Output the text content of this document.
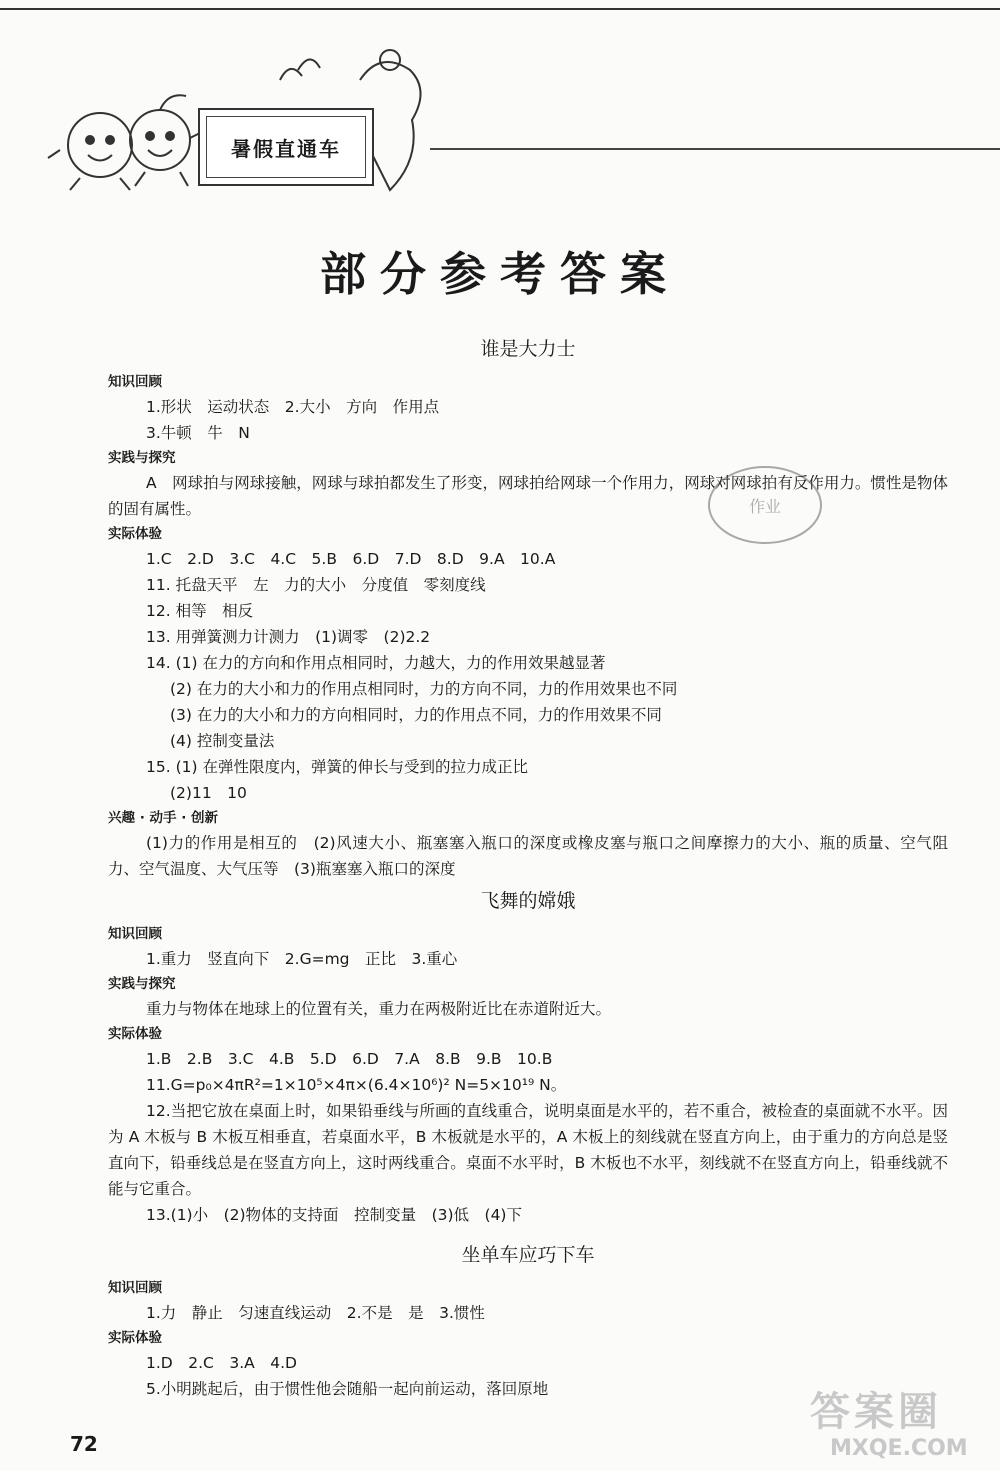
暑假直通车
部分参考答案
作业
谁是大力士
知识回顾
1.形状　运动状态　2.大小　方向　作用点
3.牛顿　牛　N
实践与探究
A　网球拍与网球接触，网球与球拍都发生了形变，网球拍给网球一个作用力，网球对网球拍有反作用力。惯性是物体的固有属性。
实际体验
1.C　2.D　3.C　4.C　5.B　6.D　7.D　8.D　9.A　10.A
11. 托盘天平　左　力的大小　分度值　零刻度线
12. 相等　相反
13. 用弹簧测力计测力　(1)调零　(2)2.2
14. (1) 在力的方向和作用点相同时，力越大，力的作用效果越显著
(2) 在力的大小和力的作用点相同时，力的方向不同，力的作用效果也不同
(3) 在力的大小和力的方向相同时，力的作用点不同，力的作用效果不同
(4) 控制变量法
15. (1) 在弹性限度内，弹簧的伸长与受到的拉力成正比
(2)11　10
兴趣 · 动手 · 创新
(1)力的作用是相互的　(2)风速大小、瓶塞塞入瓶口的深度或橡皮塞与瓶口之间摩擦力的大小、瓶的质量、空气阻力、空气温度、大气压等　(3)瓶塞塞入瓶口的深度
飞舞的嫦娥
知识回顾
1.重力　竖直向下　2.G=mg　正比　3.重心
实践与探究
重力与物体在地球上的位置有关，重力在两极附近比在赤道附近大。
实际体验
1.B　2.B　3.C　4.B　5.D　6.D　7.A　8.B　9.B　10.B
11.G=p₀×4πR²=1×10⁵×4π×(6.4×10⁶)² N=5×10¹⁹ N。
12.当把它放在桌面上时，如果铅垂线与所画的直线重合，说明桌面是水平的，若不重合，被检查的桌面就不水平。因为 A 木板与 B 木板互相垂直，若桌面水平，B 木板就是水平的，A 木板上的刻线就在竖直方向上，由于重力的方向总是竖直向下，铅垂线总是在竖直方向上，这时两线重合。桌面不水平时，B 木板也不水平，刻线就不在竖直方向上，铅垂线就不能与它重合。
13.(1)小　(2)物体的支持面　控制变量　(3)低　(4)下
坐单车应巧下车
知识回顾
1.力　静止　匀速直线运动　2.不是　是　3.惯性
实际体验
1.D　2.C　3.A　4.D
5.小明跳起后，由于惯性他会随船一起向前运动，落回原地
72
答案圈
MXQE.COM
